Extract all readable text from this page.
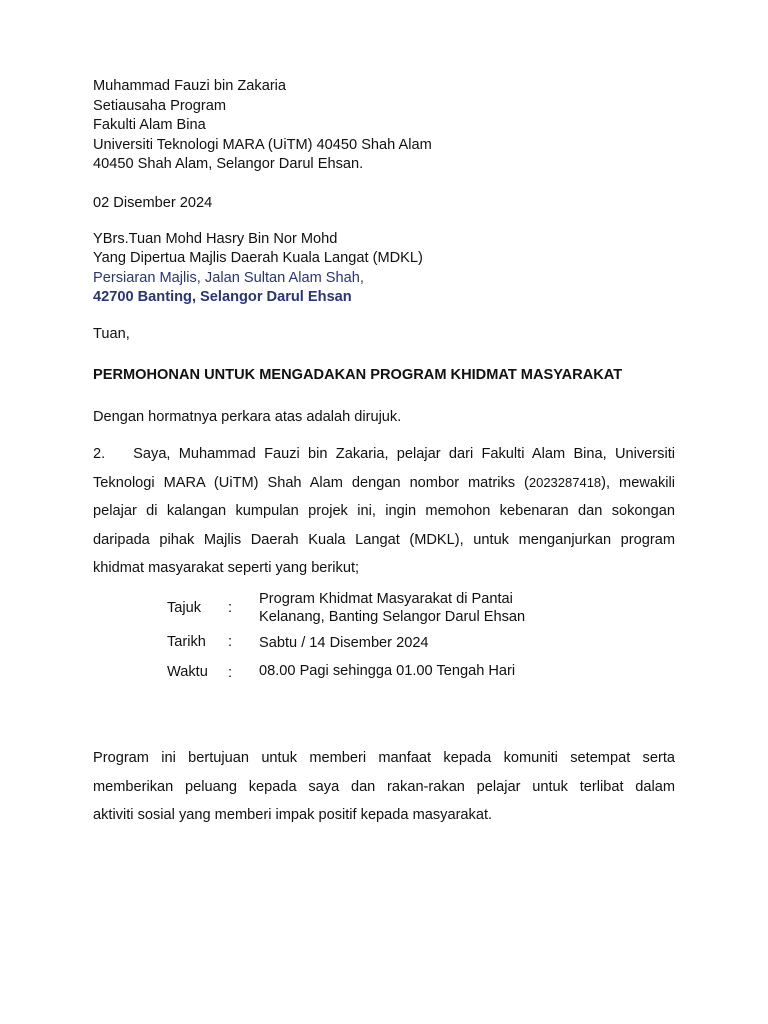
Muhammad Fauzi bin Zakaria
Setiausaha Program
Fakulti Alam Bina
Universiti Teknologi MARA (UiTM) 40450 Shah Alam
40450 Shah Alam, Selangor Darul Ehsan.
02 Disember 2024
YBrs.Tuan Mohd Hasry Bin Nor Mohd
Yang Dipertua Majlis Daerah Kuala Langat (MDKL)
Persiaran Majlis, Jalan Sultan Alam Shah,
42700 Banting, Selangor Darul Ehsan
Tuan,
PERMOHONAN UNTUK MENGADAKAN PROGRAM KHIDMAT MASYARAKAT
Dengan hormatnya perkara atas adalah dirujuk.
2. Saya, Muhammad Fauzi bin Zakaria, pelajar dari Fakulti Alam Bina, Universiti
Teknologi MARA (UiTM) Shah Alam dengan nombor matriks (2023287418), mewakili
pelajar di kalangan kumpulan projek ini, ingin memohon kebenaran dan sokongan
daripada pihak Majlis Daerah Kuala Langat (MDKL), untuk menganjurkan program
khidmat masyarakat seperti yang berikut;
Tajuk :
Program Khidmat Masyarakat di Pantai
Kelanang, Banting Selangor Darul Ehsan
Tarikh : Sabtu / 14 Disember 2024
Waktu : 08.00 Pagi sehingga 01.00 Tengah Hari
Program ini bertujuan untuk memberi manfaat kepada komuniti setempat serta
memberikan peluang kepada saya dan rakan-rakan pelajar untuk terlibat dalam
aktiviti sosial yang memberi impak positif kepada masyarakat.
